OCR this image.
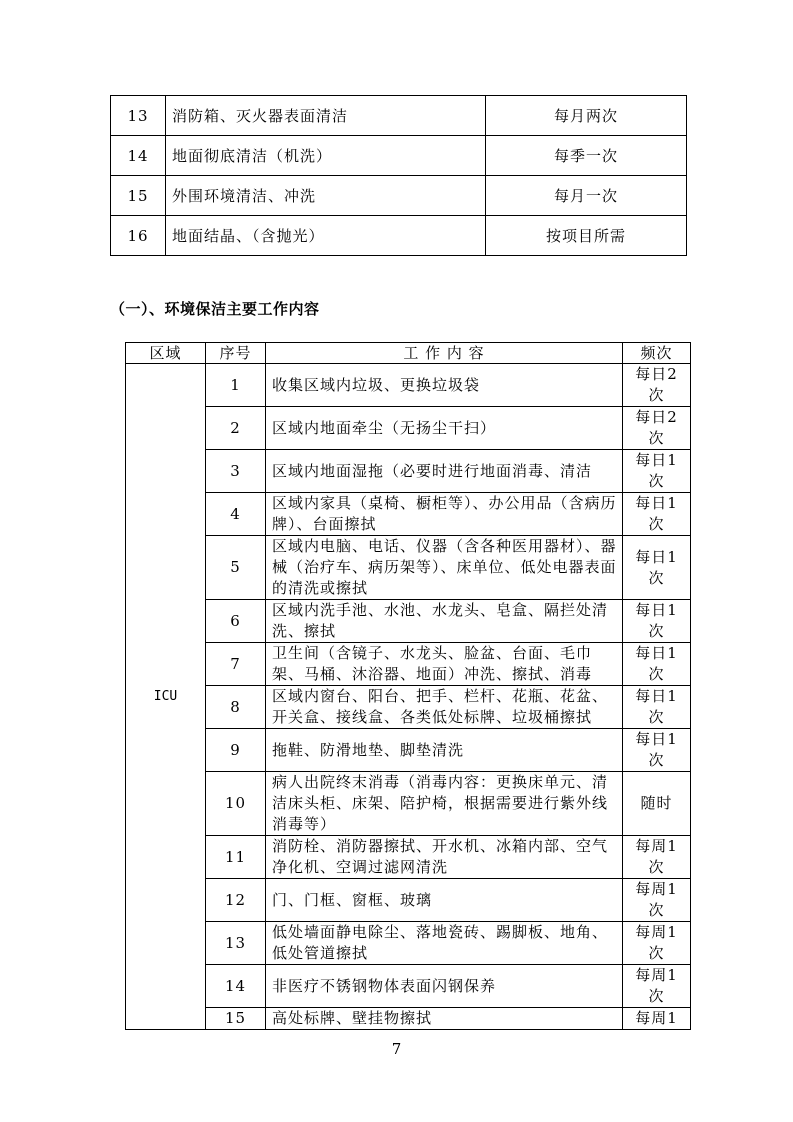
13	消防箱、灭火器表面清洁	每月两次
14	地面彻底清洁（机洗）	每季一次
15	外围环境清洁、冲洗	每月一次
16	地面结晶、（含抛光）	按项目所需
（一）、环境保洁主要工作内容
区域	序号	工 作 内 容	频次
ICU	1	收集区域内垃圾、更换垃圾袋	每日2次
	2	区域内地面牵尘（无扬尘干扫）	每日2次
	3	区域内地面湿拖（必要时进行地面消毒、清洁	每日1次
	4	区域内家具（桌椅、橱柜等）、办公用品（含病历牌）、台面擦拭	每日1次
	5	区域内电脑、电话、仪器（含各种医用器材）、器械（治疗车、病历架等）、床单位、低处电器表面的清洗或擦拭	每日1次
	6	区域内洗手池、水池、水龙头、皂盒、隔拦处清洗、擦拭	每日1次
	7	卫生间（含镜子、水龙头、脸盆、台面、毛巾架、马桶、沐浴器、地面）冲洗、擦拭、消毒	每日1次
	8	区域内窗台、阳台、把手、栏杆、花瓶、花盆、开关盒、接线盒、各类低处标牌、垃圾桶擦拭	每日1次
	9	拖鞋、防滑地垫、脚垫清洗	每日1次
	10	病人出院终末消毒（消毒内容：更换床单元、清洁床头柜、床架、陪护椅，根据需要进行紫外线消毒等）	随时
	11	消防栓、消防器擦拭、开水机、冰箱内部、空气净化机、空调过滤网清洗	每周1次
	12	门、门框、窗框、玻璃	每周1次
	13	低处墙面静电除尘、落地瓷砖、踢脚板、地角、低处管道擦拭	每周1次
	14	非医疗不锈钢物体表面闪钢保养	每周1次
	15	高处标牌、壁挂物擦拭	每周1
7
